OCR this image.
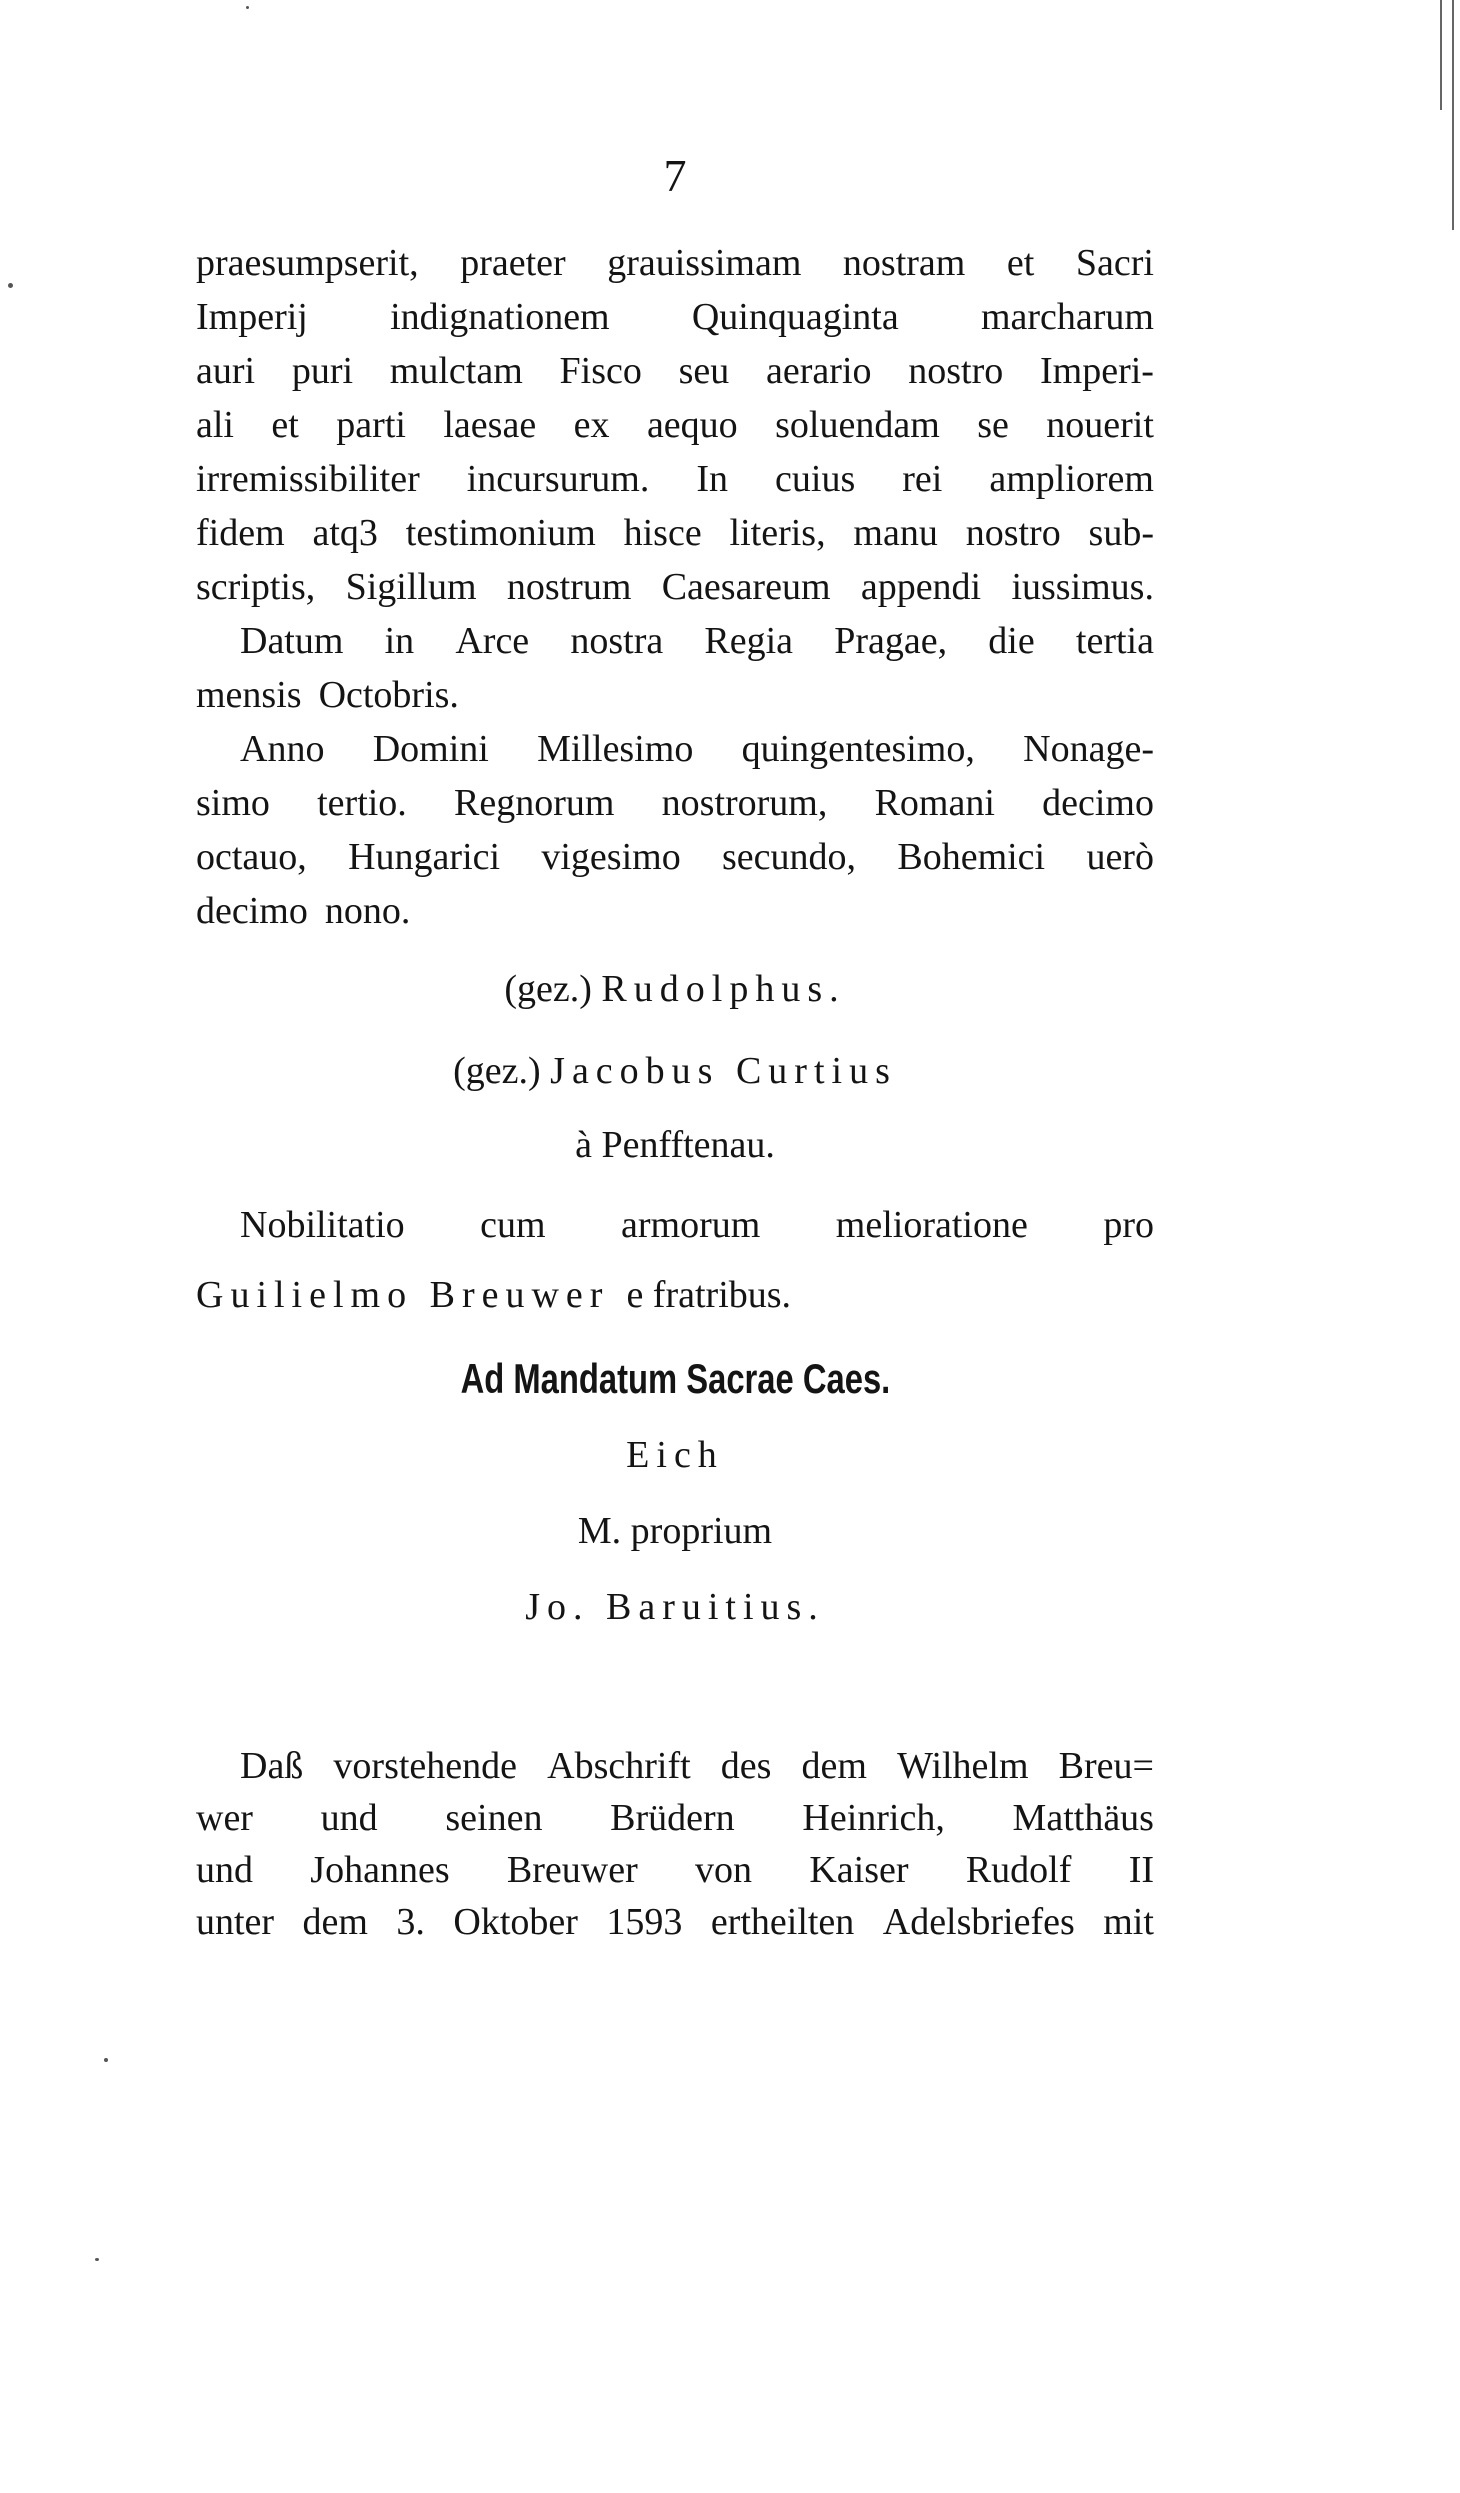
7
praesumpserit, praeter grauissimam nostram et Sacri
Imperij indignationem Quinquaginta marcharum
auri puri mulctam Fisco seu aerario nostro Imperi-
ali et parti laesae ex aequo soluendam se nouerit
irremissibiliter incursurum. In cuius rei ampliorem
fidem atq3 testimonium hisce literis, manu nostro sub-
scriptis, Sigillum nostrum Caesareum appendi iussimus.
Datum in Arce nostra Regia Pragae, die tertia
mensis Octobris.
Anno Domini Millesimo quingentesimo, Nonage-
simo tertio. Regnorum nostrorum, Romani decimo
octauo, Hungarici vigesimo secundo, Bohemici uerò
decimo nono.
(gez.) Rudolphus.
(gez.) Jacobus Curtius
à Penfftenau.
Nobilitatio cum armorum melioratione pro
Guilielmo Breuwer e fratribus.
Ad Mandatum Sacrae Caes.
Eich
M. proprium
Jo. Baruitius.
Daß vorstehende Abschrift des dem Wilhelm Breu=
wer und seinen Brüdern Heinrich, Matthäus
und Johannes Breuwer von Kaiser Rudolf II
unter dem 3. Oktober 1593 ertheilten Adelsbriefes mit
